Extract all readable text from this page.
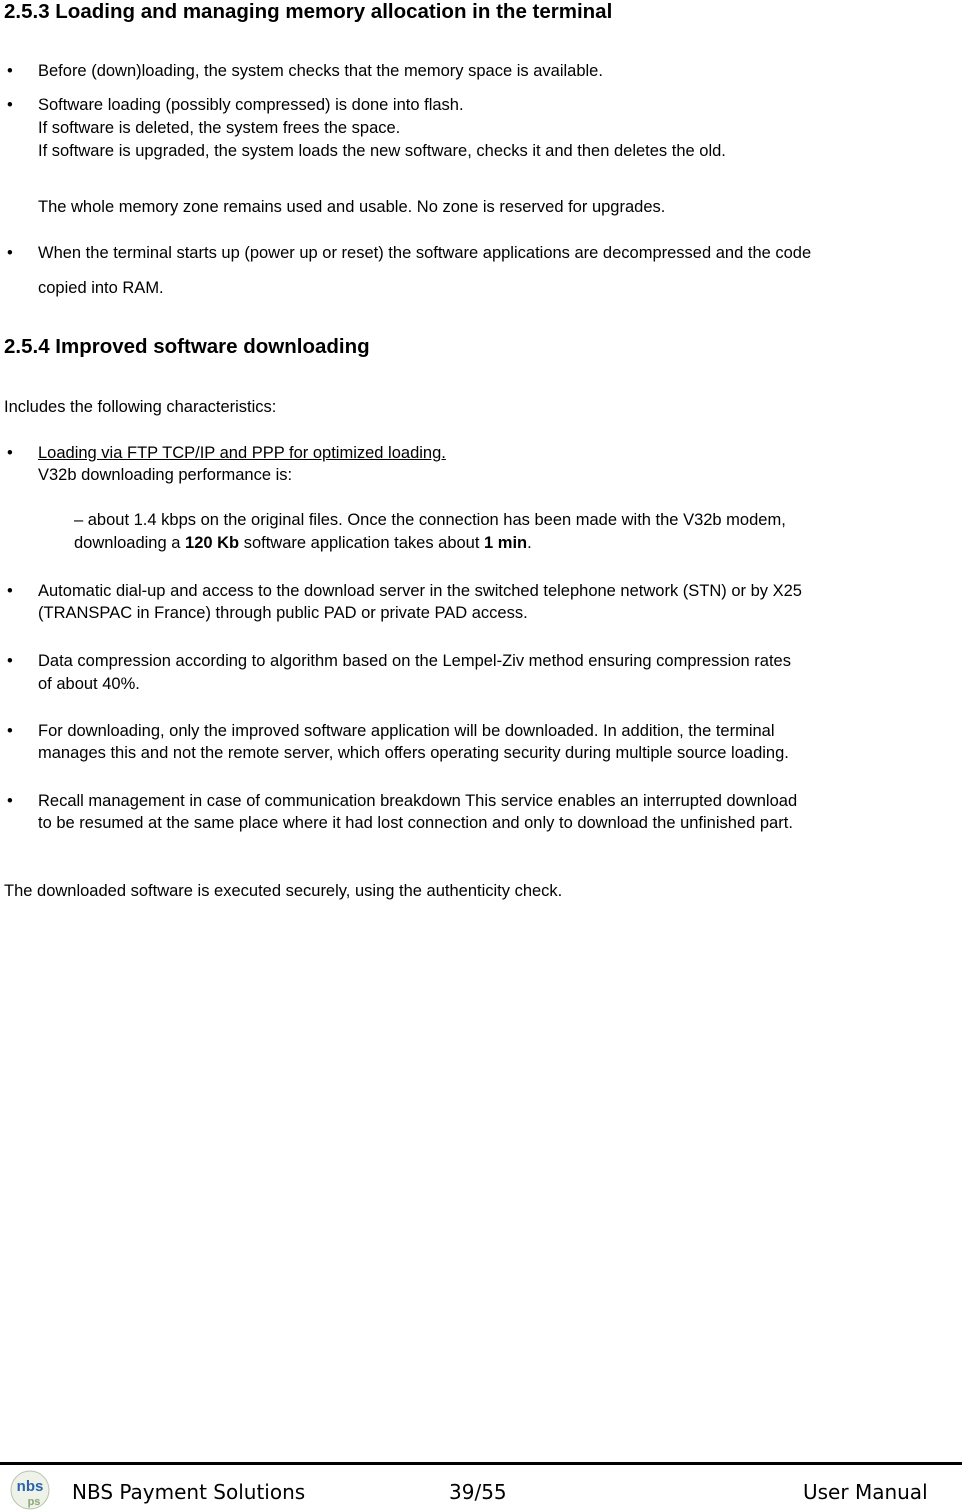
2.5.3 Loading and managing memory allocation in the terminal
• Before (down)loading, the system checks that the memory space is available.

• Software loading (possibly compressed) is done into flash.

If software is deleted, the system frees the space.

If software is upgraded, the system loads the new software, checks it and then deletes the old.

The whole memory zone remains used and usable. No zone is reserved for upgrades.

• When the terminal starts up (power up or reset) the software applications are decompressed and the code

copied into RAM.

2.5.4 Improved software downloading

Includes the following characteristics:

• Loading via FTP TCP/IP and PPP for optimized loading.

V32b downloading performance is:

– about 1.4 kbps on the original files. Once the connection has been made with the V32b modem,

downloading a 120 Kb software application takes about 1 min.

• Automatic dial-up and access to the download server in the switched telephone network (STN) or by X25

(TRANSPAC in France) through public PAD or private PAD access.

• Data compression according to algorithm based on the Lempel-Ziv method ensuring compression rates

of about 40%.

• For downloading, only the improved software application will be downloaded. In addition, the terminal

manages this and not the remote server, which offers operating security during multiple source loading.

• Recall management in case of communication breakdown This service enables an interrupted download

to be resumed at the same place where it had lost connection and only to download the unfinished part.

The downloaded software is executed securely, using the authenticity check.

nbs
ps NBS Payment Solutions	39/55	User Manual
